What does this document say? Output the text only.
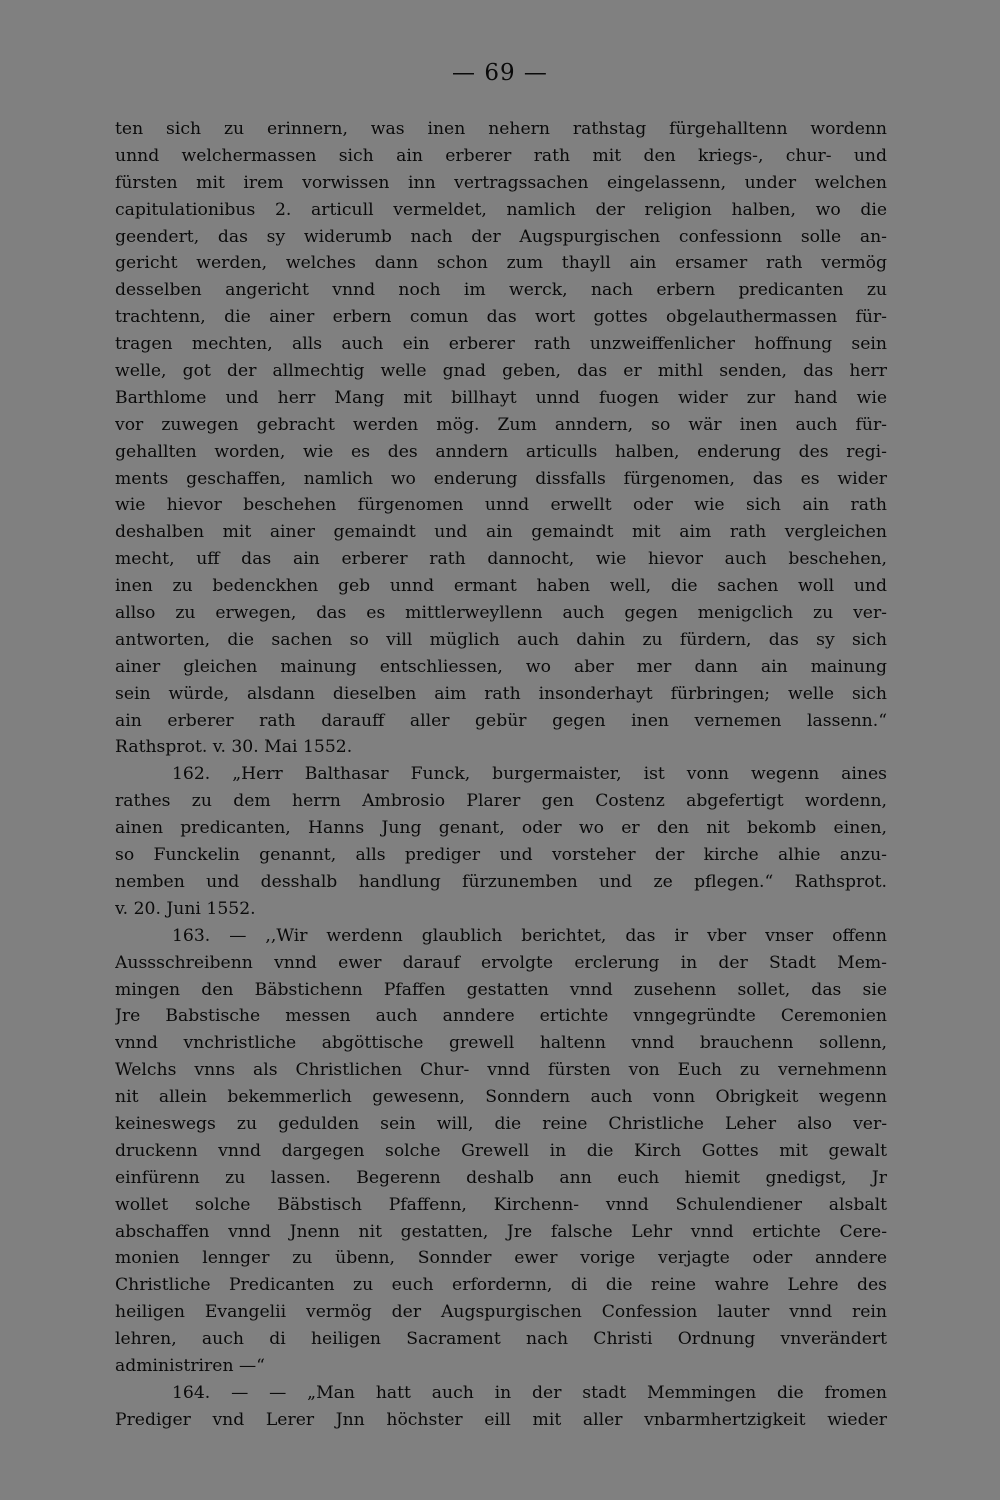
— 69 —
ten sich zu erinnern, was inen nehern rathstag fürgehalltenn wordenn
unnd welchermassen sich ain erberer rath mit den kriegs-, chur- und
fürsten mit irem vorwissen inn vertragssachen eingelassenn, under welchen
capitulationibus 2. articull vermeldet, namlich der religion halben, wo die
geendert, das sy widerumb nach der Augspurgischen confessionn solle an-
gericht werden, welches dann schon zum thayll ain ersamer rath vermög
desselben angericht vnnd noch im werck, nach erbern predicanten zu
trachtenn, die ainer erbern comun das wort gottes obgelauthermassen für-
tragen mechten, alls auch ein erberer rath unzweiffenlicher hoffnung sein
welle, got der allmechtig welle gnad geben, das er mithl senden, das herr
Barthlome und herr Mang mit billhayt unnd fuogen wider zur hand wie
vor zuwegen gebracht werden mög. Zum anndern, so wär inen auch für-
gehallten worden, wie es des anndern articulls halben, enderung des regi-
ments geschaffen, namlich wo enderung dissfalls fürgenomen, das es wider
wie hievor beschehen fürgenomen unnd erwellt oder wie sich ain rath
deshalben mit ainer gemaindt und ain gemaindt mit aim rath vergleichen
mecht, uff das ain erberer rath dannocht, wie hievor auch beschehen,
inen zu bedenckhen geb unnd ermant haben well, die sachen woll und
allso zu erwegen, das es mittlerweyllenn auch gegen menigclich zu ver-
antworten, die sachen so vill müglich auch dahin zu fürdern, das sy sich
ainer gleichen mainung entschliessen, wo aber mer dann ain mainung
sein würde, alsdann dieselben aim rath insonderhayt fürbringen; welle sich
ain erberer rath darauff aller gebür gegen inen vernemen lassenn.“
Rathsprot. v. 30. Mai 1552.
162. „Herr Balthasar Funck, burgermaister, ist vonn wegenn aines
rathes zu dem herrn Ambrosio Plarer gen Costenz abgefertigt wordenn,
ainen predicanten, Hanns Jung genant, oder wo er den nit bekomb einen,
so Funckelin genannt, alls prediger und vorsteher der kirche alhie anzu-
nemben und desshalb handlung fürzunemben und ze pflegen.“ Rathsprot.
v. 20. Juni 1552.
163. — ,,Wir werdenn glaublich berichtet, das ir vber vnser offenn
Aussschreibenn vnnd ewer darauf ervolgte erclerung in der Stadt Mem-
mingen den Bäbstichenn Pfaffen gestatten vnnd zusehenn sollet, das sie
Jre Babstische messen auch anndere ertichte vnngegründte Ceremonien
vnnd vnchristliche abgöttische grewell haltenn vnnd brauchenn sollenn,
Welchs vnns als Christlichen Chur- vnnd fürsten von Euch zu vernehmenn
nit allein bekemmerlich gewesenn, Sonndern auch vonn Obrigkeit wegenn
keineswegs zu gedulden sein will, die reine Christliche Leher also ver-
druckenn vnnd dargegen solche Grewell in die Kirch Gottes mit gewalt
einfürenn zu lassen. Begerenn deshalb ann euch hiemit gnedigst, Jr
wollet solche Bäbstisch Pfaffenn, Kirchenn- vnnd Schulendiener alsbalt
abschaffen vnnd Jnenn nit gestatten, Jre falsche Lehr vnnd ertichte Cere-
monien lennger zu übenn, Sonnder ewer vorige verjagte oder anndere
Christliche Predicanten zu euch erfordernn, di die reine wahre Lehre des
heiligen Evangelii vermög der Augspurgischen Confession lauter vnnd rein
lehren, auch di heiligen Sacrament nach Christi Ordnung vnverändert
administriren —“
164. — — „Man hatt auch in der stadt Memmingen die fromen
Prediger vnd Lerer Jnn höchster eill mit aller vnbarmhertzigkeit wieder
